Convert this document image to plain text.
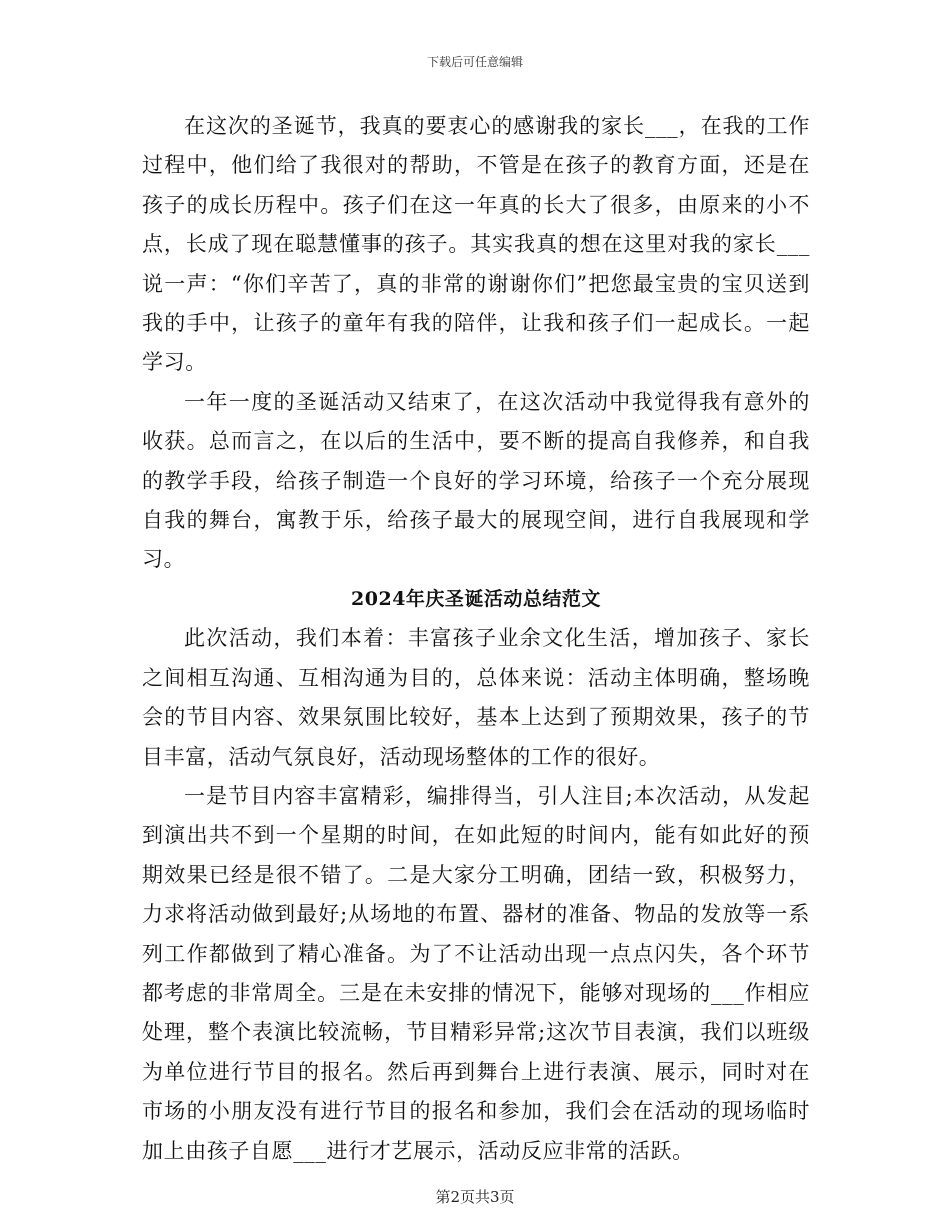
下载后可任意编辑

在这次的圣诞节，我真的要衷心的感谢我的家长___，在我的工作过程中，他们给了我很对的帮助，不管是在孩子的教育方面，还是在孩子的成长历程中。孩子们在这一年真的长大了很多，由原来的小不点，长成了现在聪慧懂事的孩子。其实我真的想在这里对我的家长___说一声：“你们辛苦了，真的非常的谢谢你们”把您最宝贵的宝贝送到我的手中，让孩子的童年有我的陪伴，让我和孩子们一起成长。一起学习。

一年一度的圣诞活动又结束了，在这次活动中我觉得我有意外的收获。总而言之，在以后的生活中，要不断的提高自我修养，和自我的教学手段，给孩子制造一个良好的学习环境，给孩子一个充分展现自我的舞台，寓教于乐，给孩子最大的展现空间，进行自我展现和学习。

2024年庆圣诞活动总结范文

此次活动，我们本着：丰富孩子业余文化生活，增加孩子、家长之间相互沟通、互相沟通为目的，总体来说：活动主体明确，整场晚会的节目内容、效果氛围比较好，基本上达到了预期效果，孩子的节目丰富，活动气氛良好，活动现场整体的工作的很好。

一是节目内容丰富精彩，编排得当，引人注目;本次活动，从发起到演出共不到一个星期的时间，在如此短的时间内，能有如此好的预期效果已经是很不错了。二是大家分工明确，团结一致，积极努力，力求将活动做到最好;从场地的布置、器材的准备、物品的发放等一系列工作都做到了精心准备。为了不让活动出现一点点闪失，各个环节都考虑的非常周全。三是在未安排的情况下，能够对现场的___作相应处理，整个表演比较流畅，节目精彩异常;这次节目表演，我们以班级为单位进行节目的报名。然后再到舞台上进行表演、展示，同时对在市场的小朋友没有进行节目的报名和参加，我们会在活动的现场临时加上由孩子自愿___进行才艺展示，活动反应非常的活跃。

第2页共3页
